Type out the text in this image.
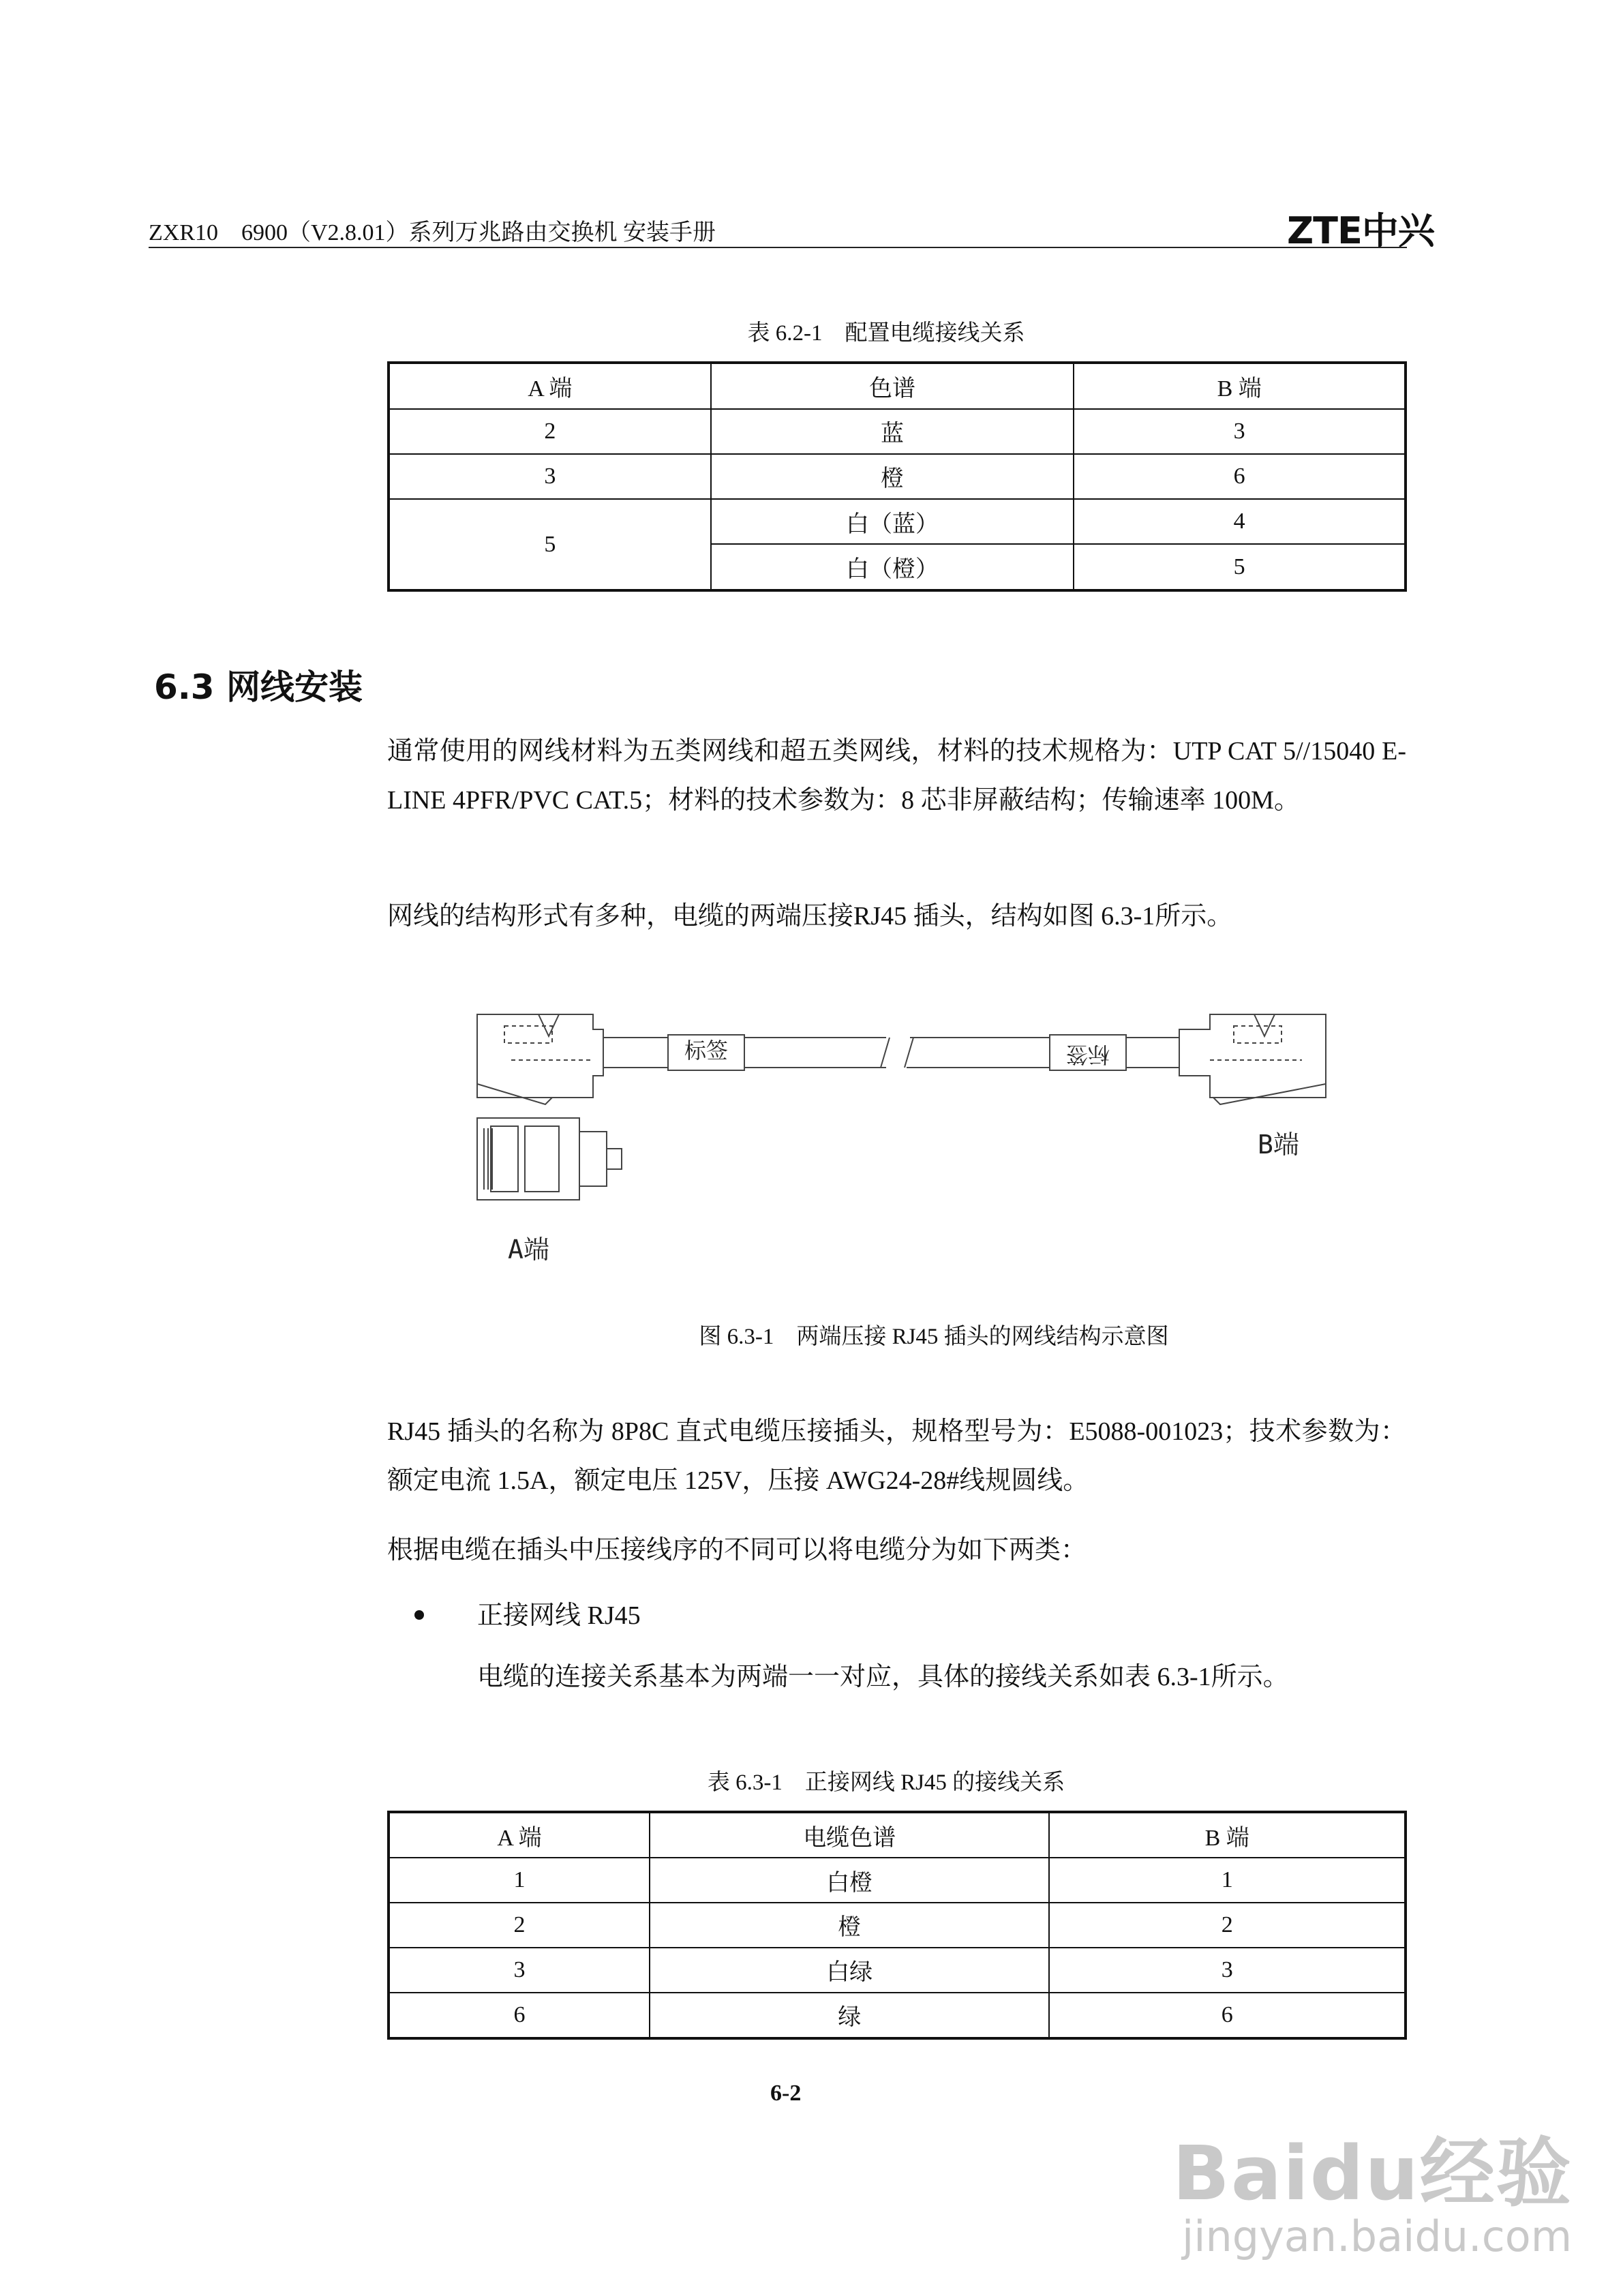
ZXR10　6900（V2.8.01）系列万兆路由交换机 安装手册	ZTE中兴
表 6.2-1　配置电缆接线关系
A 端	色谱	B 端
2	蓝	3
3	橙	6
5	白（蓝）	4
	白（橙）	5
6.3 网线安装
通常使用的网线材料为五类网线和超五类网线，材料的技术规格为：UTP CAT 5//15040 E-LINE 4PFR/PVC CAT.5；材料的技术参数为：8 芯非屏蔽结构；传输速率 100M。
网线的结构形式有多种，电缆的两端压接RJ45 插头，结构如图 6.3-1所示。
标签	标签
B端
A端
图 6.3-1　两端压接 RJ45 插头的网线结构示意图
RJ45 插头的名称为 8P8C 直式电缆压接插头，规格型号为：E5088-001023；技术参数为：额定电流 1.5A，额定电压 125V，压接 AWG24-28#线规圆线。
根据电缆在插头中压接线序的不同可以将电缆分为如下两类：
正接网线 RJ45
电缆的连接关系基本为两端一一对应，具体的接线关系如表 6.3-1所示。
表 6.3-1　正接网线 RJ45 的接线关系
A 端	电缆色谱	B 端
1	白橙	1
2	橙	2
3	白绿	3
6	绿	6
6-2
Baidu经验
jingyan.baidu.com
